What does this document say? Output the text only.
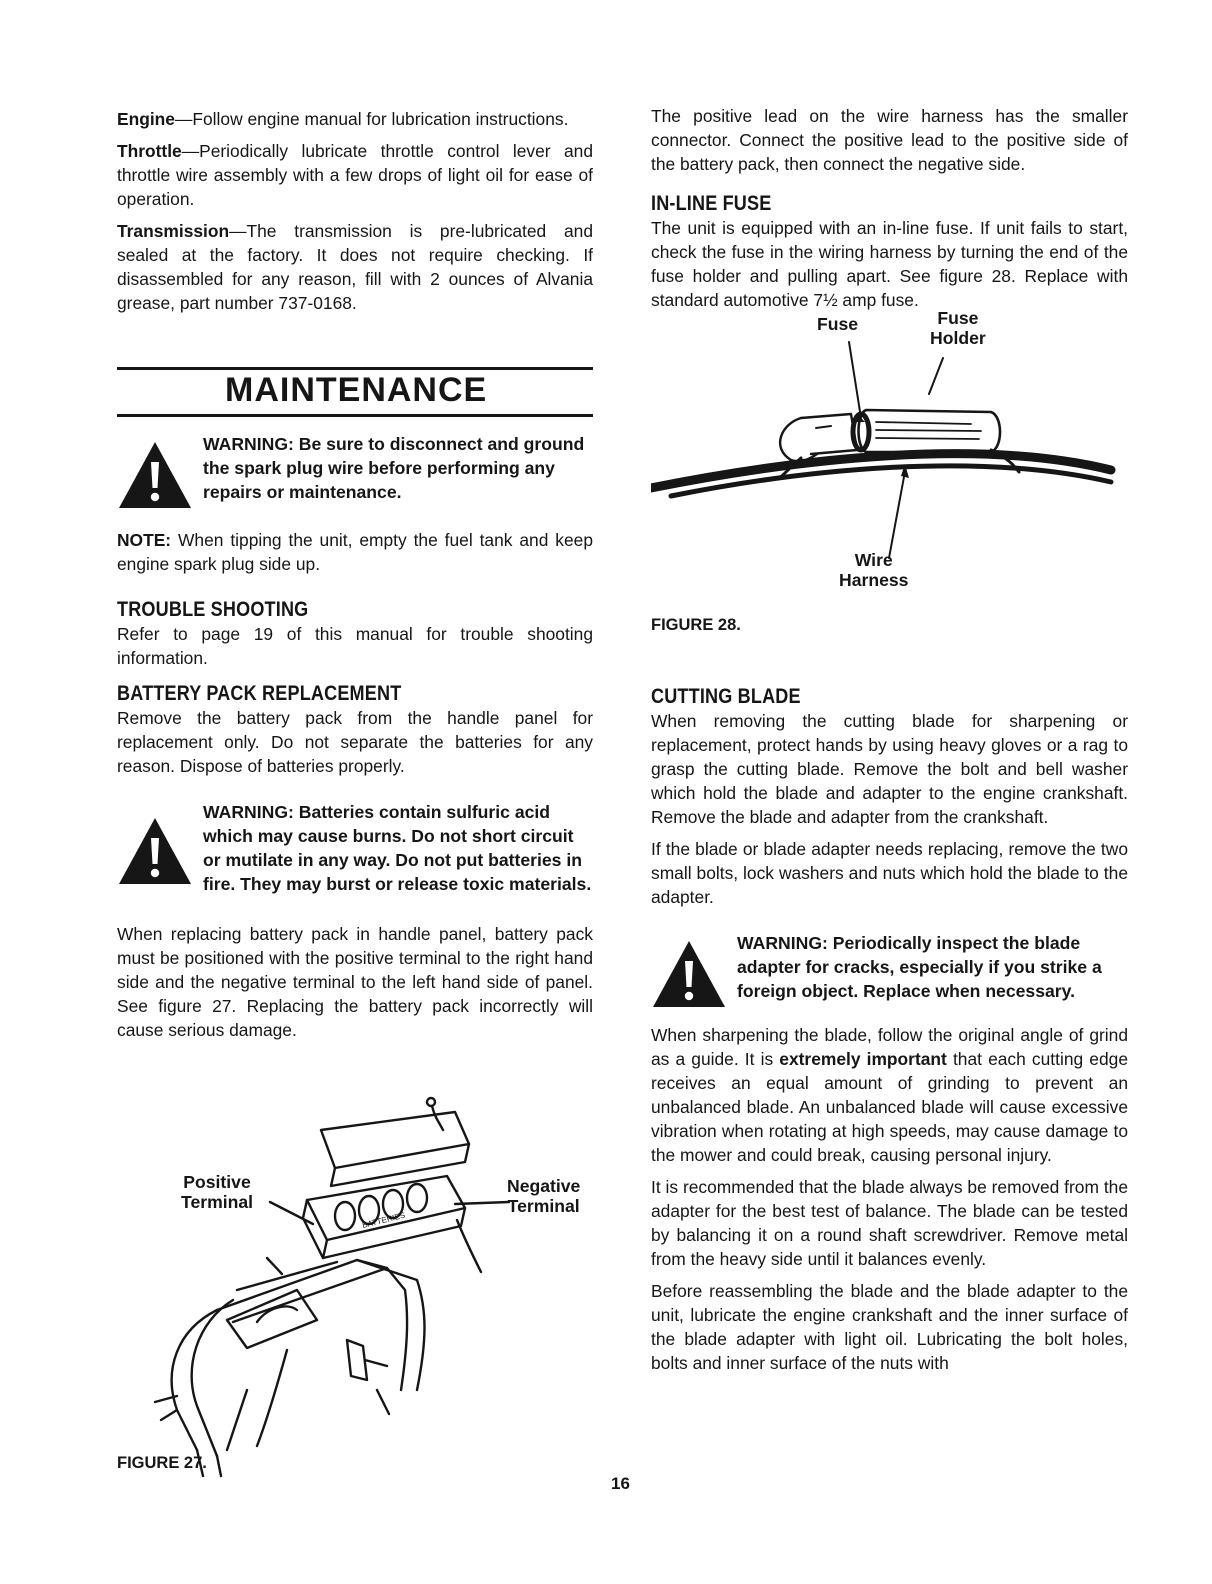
Engine—Follow engine manual for lubrication instructions.

Throttle—Periodically lubricate throttle control lever and throttle wire assembly with a few drops of light oil for ease of operation.

Transmission—The transmission is pre-lubricated and sealed at the factory. It does not require checking. If disassembled for any reason, fill with 2 ounces of Alvania grease, part number 737-0168.

MAINTENANCE

WARNING: Be sure to disconnect and ground the spark plug wire before performing any repairs or maintenance.

NOTE: When tipping the unit, empty the fuel tank and keep engine spark plug side up.

TROUBLE SHOOTING

Refer to page 19 of this manual for trouble shooting information.

BATTERY PACK REPLACEMENT

Remove the battery pack from the handle panel for replacement only. Do not separate the batteries for any reason. Dispose of batteries properly.

WARNING: Batteries contain sulfuric acid which may cause burns. Do not short circuit or mutilate in any way. Do not put batteries in fire. They may burst or release toxic materials.

When replacing battery pack in handle panel, battery pack must be positioned with the positive terminal to the right hand side and the negative terminal to the left hand side of panel. See figure 27. Replacing the battery pack incorrectly will cause serious damage.

BATTERIES
Positive
Terminal
Negative
Terminal
FIGURE 27.

The positive lead on the wire harness has the smaller connector. Connect the positive lead to the positive side of the battery pack, then connect the negative side.

IN-LINE FUSE

The unit is equipped with an in-line fuse. If unit fails to start, check the fuse in the wiring harness by turning the end of the fuse holder and pulling apart. See figure 28. Replace with standard automotive 7½ amp fuse.

Fuse	Fuse
Holder
Wire
Harness
FIGURE 28.
CUTTING BLADE

When removing the cutting blade for sharpening or replacement, protect hands by using heavy gloves or a rag to grasp the cutting blade. Remove the bolt and bell washer which hold the blade and adapter to the engine crankshaft. Remove the blade and adapter from the crankshaft.

If the blade or blade adapter needs replacing, remove the two small bolts, lock washers and nuts which hold the blade to the adapter.

WARNING: Periodically inspect the blade adapter for cracks, especially if you strike a foreign object. Replace when necessary.

When sharpening the blade, follow the original angle of grind as a guide. It is extremely important that each cutting edge receives an equal amount of grinding to prevent an unbalanced blade. An unbalanced blade will cause excessive vibration when rotating at high speeds, may cause damage to the mower and could break, causing personal injury.

It is recommended that the blade always be removed from the adapter for the best test of balance. The blade can be tested by balancing it on a round shaft screwdriver. Remove metal from the heavy side until it balances evenly.

Before reassembling the blade and the blade adapter to the unit, lubricate the engine crankshaft and the inner surface of the blade adapter with light oil. Lubricating the bolt holes, bolts and inner surface of the nuts with

16
